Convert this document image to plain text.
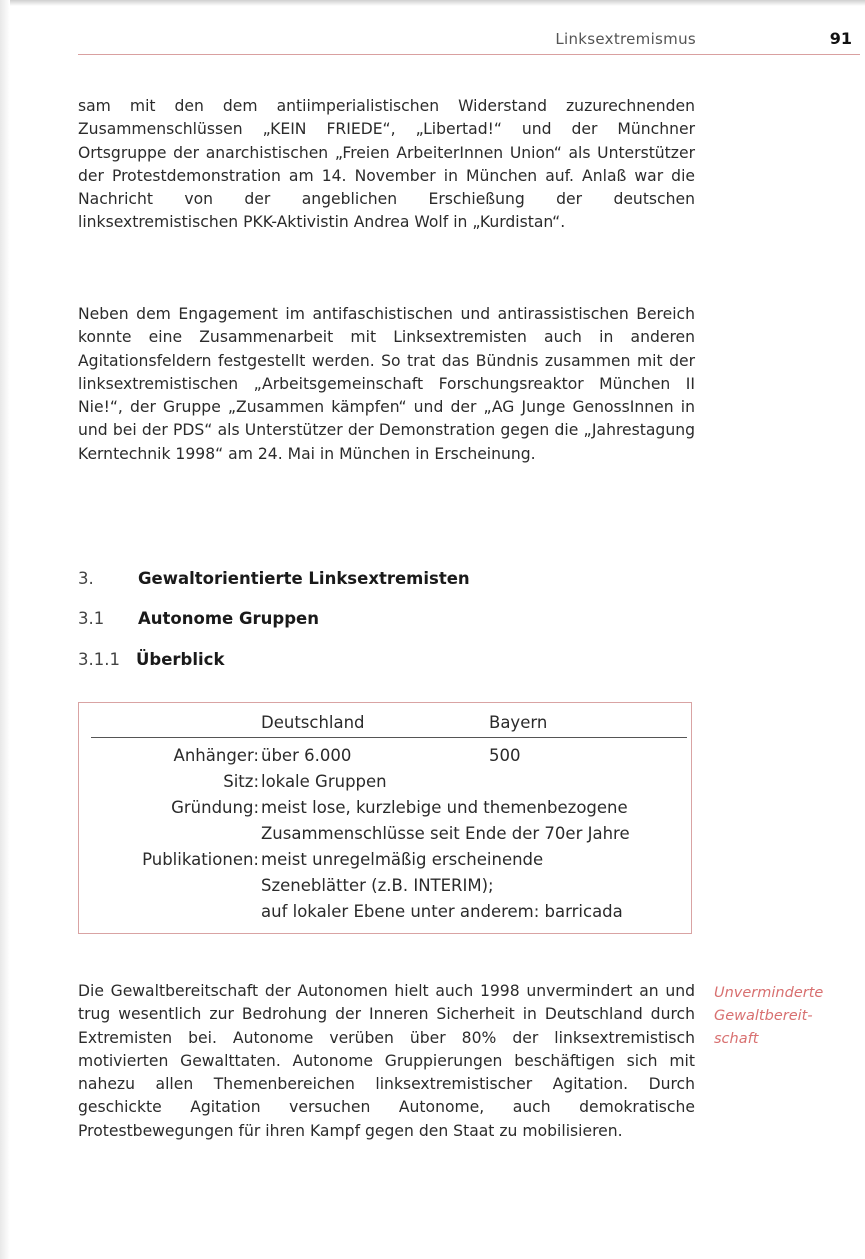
Linksextremismus	91

sam mit den dem antiimperialistischen Widerstand zuzurechnenden Zusammenschlüssen „KEIN FRIEDE“, „Libertad!“ und der Münchner Ortsgruppe der anarchistischen „Freien ArbeiterInnen Union“ als Unterstützer der Protestdemonstration am 14. November in München auf. Anlaß war die Nachricht von der angeblichen Erschießung der deutschen linksextremistischen PKK-Aktivistin Andrea Wolf in „Kurdistan“.

Neben dem Engagement im antifaschistischen und antirassistischen Bereich konnte eine Zusammenarbeit mit Linksextremisten auch in anderen Agitationsfeldern festgestellt werden. So trat das Bündnis zusammen mit der linksextremistischen „Arbeitsgemeinschaft Forschungsreaktor München II Nie!“, der Gruppe „Zusammen kämpfen“ und der „AG Junge GenossInnen in und bei der PDS“ als Unterstützer der Demonstration gegen die „Jahrestagung Kerntechnik 1998“ am 24. Mai in München in Erscheinung.

3.	Gewaltorientierte Linksextremisten
3.1 Autonome Gruppen
3.1.1 Überblick
Deutschland	Bayern
Anhänger: über 6.000	500
Sitz: lokale Gruppen
Gründung: meist lose, kurzlebige und themenbezogene
Zusammenschlüsse seit Ende der 70er Jahre
Publikationen: meist unregelmäßig erscheinende
Szeneblätter (z.B. INTERIM);
auf lokaler Ebene unter anderem: barricada

Die Gewaltbereitschaft der Autonomen hielt auch 1998 unvermindert an und trug wesentlich zur Bedrohung der Inneren Sicherheit in Deutschland durch Extremisten bei. Autonome verüben über 80% der linksextremistisch motivierten Gewalttaten. Autonome Gruppierungen beschäftigen sich mit nahezu allen Themenbereichen linksextremistischer Agitation. Durch geschickte Agitation versuchen Autonome, auch demokratische Protestbewegungen für ihren Kampf gegen den Staat zu mobilisieren.

Unverminderte
Gewaltbereit-
schaft
